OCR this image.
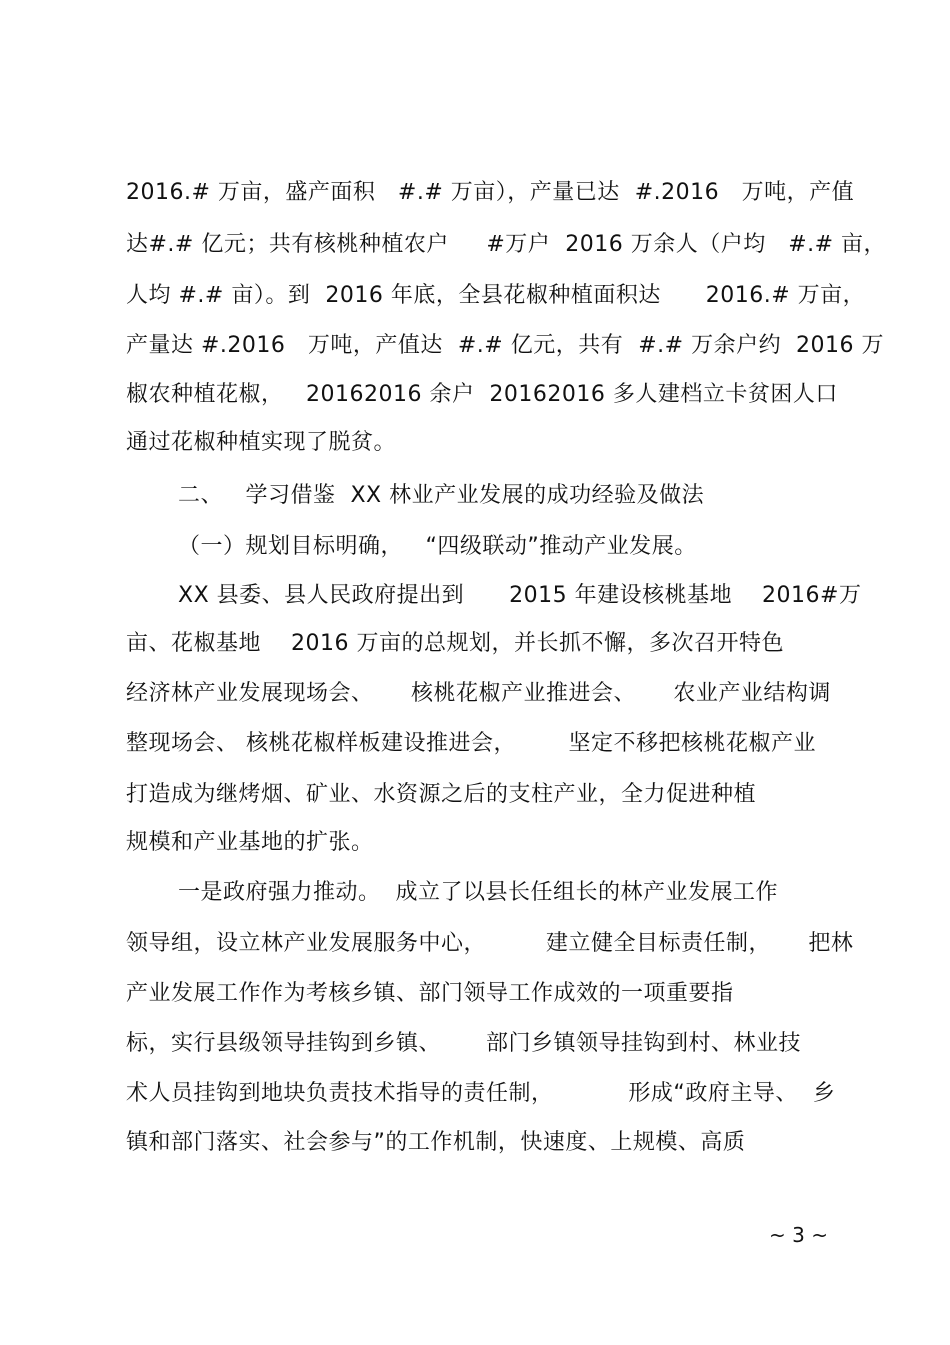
2016.# 万亩，盛产面积   #.# 万亩），产量已达  #.2016   万吨，产值
达#.# 亿元；共有核桃种植农户     #万户  2016 万余人（户均   #.# 亩，
人均 #.# 亩）。到  2016 年底，全县花椒种植面积达      2016.# 万亩，
产量达 #.2016   万吨，产值达  #.# 亿元，共有  #.# 万余户约  2016 万
椒农种植花椒，   20162016 余户  20162016 多人建档立卡贫困人口
通过花椒种植实现了脱贫。
二、   学习借鉴  XX 林业产业发展的成功经验及做法
（一）规划目标明确，   “四级联动”推动产业发展。
XX 县委、县人民政府提出到      2015 年建设核桃基地    2016#万
亩、花椒基地    2016 万亩的总规划，并长抓不懈，多次召开特色
经济林产业发展现场会、     核桃花椒产业推进会、     农业产业结构调
整现场会、 核桃花椒样板建设推进会，       坚定不移把核桃花椒产业
打造成为继烤烟、矿业、水资源之后的支柱产业，全力促进种植
规模和产业基地的扩张。
一是政府强力推动。  成立了以县长任组长的林产业发展工作
领导组，设立林产业发展服务中心，        建立健全目标责任制，     把林
产业发展工作作为考核乡镇、部门领导工作成效的一项重要指
标，实行县级领导挂钩到乡镇、      部门乡镇领导挂钩到村、林业技
术人员挂钩到地块负责技术指导的责任制，          形成“政府主导、  乡
镇和部门落实、社会参与”的工作机制，快速度、上规模、高质
~ 3 ~
